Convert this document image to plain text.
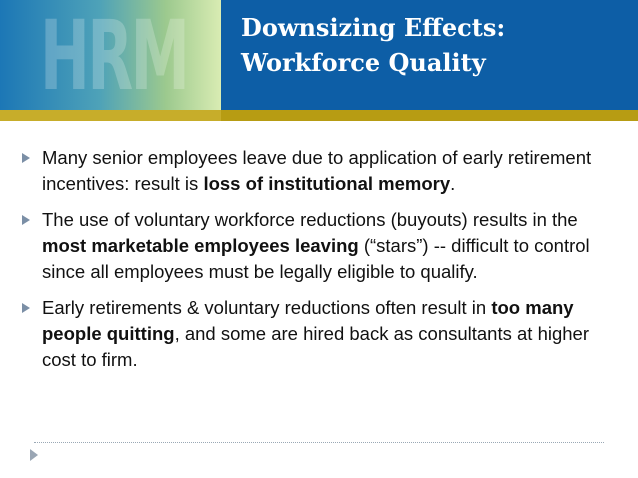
HRM Downsizing Effects:
Workforce Quality
Many senior employees leave due to application of early retirement incentives: result is loss of institutional memory.
The use of voluntary workforce reductions (buyouts) results in the most marketable employees leaving (“stars”) -- difficult to control since all employees must be legally eligible to qualify.
Early retirements & voluntary reductions often result in too many people quitting, and some are hired back as consultants at higher cost to firm.
